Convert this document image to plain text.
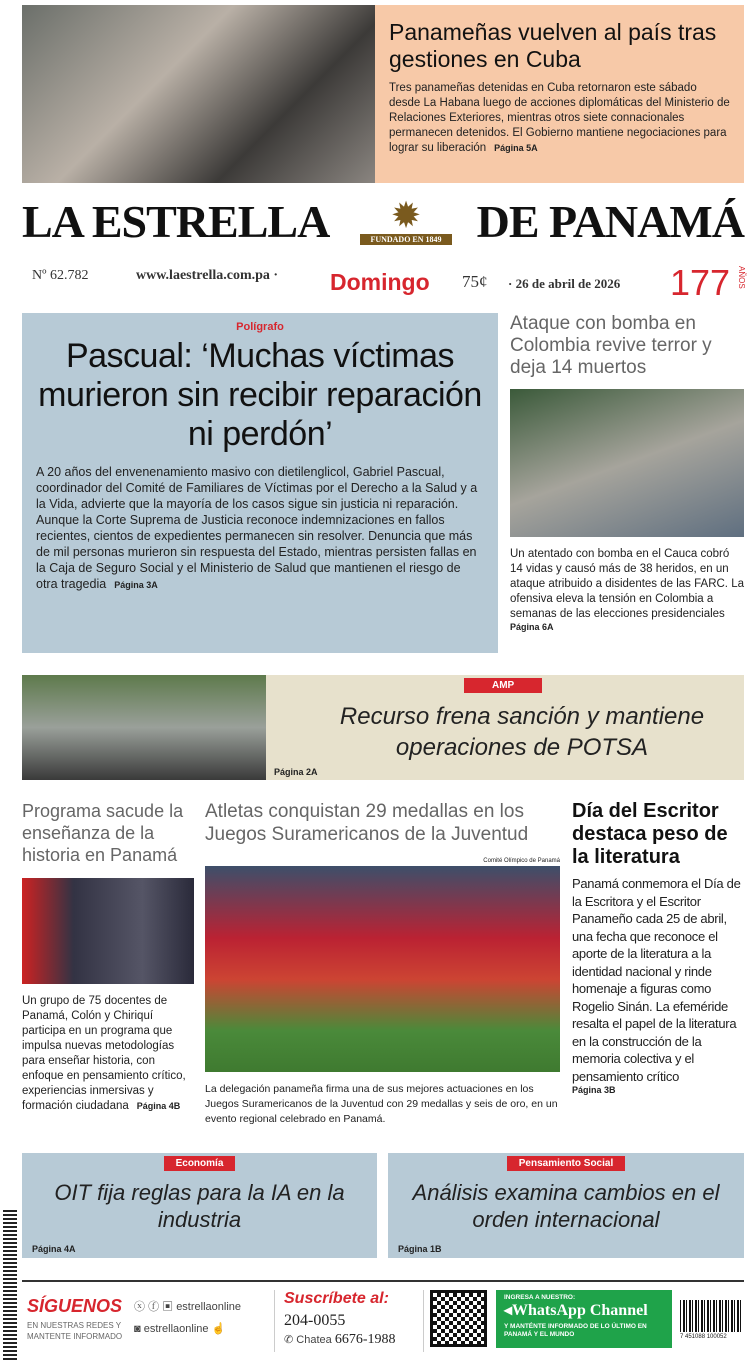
Panameñas vuelven al país tras gestiones en Cuba

Tres panameñas detenidas en Cuba retornaron este sábado desde La Habana luego de acciones diplomáticas del Ministerio de Relaciones Exteriores, mientras otros siete connacionales permanecen detenidos. El Gobierno mantiene negociaciones para lograr su liberación Página 5A

LA ESTRELLA	✹
FUNDADO EN 1849 DE PANAMÁ
Nº 62.782	www.laestrella.com.pa · Domingo 75¢ · 26 de abril de 2026 177 AÑOS
Polígrafo
Pascual: ‘Muchas víctimas murieron sin recibir reparación ni perdón’

A 20 años del envenenamiento masivo con dietilenglicol, Gabriel Pascual, coordinador del Comité de Familiares de Víctimas por el Derecho a la Salud y a la Vida, advierte que la mayoría de los casos sigue sin justicia ni reparación. Aunque la Corte Suprema de Justicia reconoce indemnizaciones en fallos recientes, cientos de expedientes permanecen sin resolver. Denuncia que más de mil personas murieron sin respuesta del Estado, mientras persisten fallas en la Caja de Seguro Social y el Ministerio de Salud que mantienen el riesgo de otra tragedia Página 3A

Ataque con bomba en Colombia revive terror y deja 14 muertos

Un atentado con bomba en el Cauca cobró 14 vidas y causó más de 38 heridos, en un ataque atribuido a disidentes de las FARC. La ofensiva eleva la tensión en Colombia a semanas de las elecciones presidenciales

Página 6A
AMP
Recurso frena sanción y mantiene operaciones de POTSA
Página 2A
Programa sacude la enseñanza de la historia en Panamá

Un grupo de 75 docentes de Panamá, Colón y Chiriquí participa en un programa que impulsa nuevas metodologías para enseñar historia, con enfoque en pensamiento crítico, experiencias inmersivas y formación ciudadana Página 4B

Atletas conquistan 29 medallas en los Juegos Suramericanos de la Juventud
Comité Olímpico de Panamá

La delegación panameña firma una de sus mejores actuaciones en los Juegos Suramericanos de la Juventud con 29 medallas y seis de oro, en un evento regional celebrado en Panamá.

Día del Escritor destaca peso de la literatura

Panamá conmemora el Día de la Escritora y el Escritor Panameño cada 25 de abril, una fecha que reconoce el aporte de la literatura a la identidad nacional y rinde homenaje a figuras como Rogelio Sinán. La efeméride resalta el papel de la literatura en la construcción de la memoria colectiva y el pensamiento crítico

Página 3B
Economía
OIT fija reglas para la IA en la industria
Página 4A
Pensamiento Social
Análisis examina cambios en el orden internacional
Página 1B
SÍGUENOS
EN NUESTRAS REDES Y MANTENTE INFORMADO
ⓧ ⓕ ▣ estrellaonline
◙ estrellaonline ☝
Suscríbete al:
204-0055
✆ Chatea 6676-1988
INGRESA A NUESTRO:
◂WhatsApp Channel
Y MANTÉNTE INFORMADO DE LO ÚLTIMO EN PANAMÁ Y EL MUNDO	7 451088 100052
